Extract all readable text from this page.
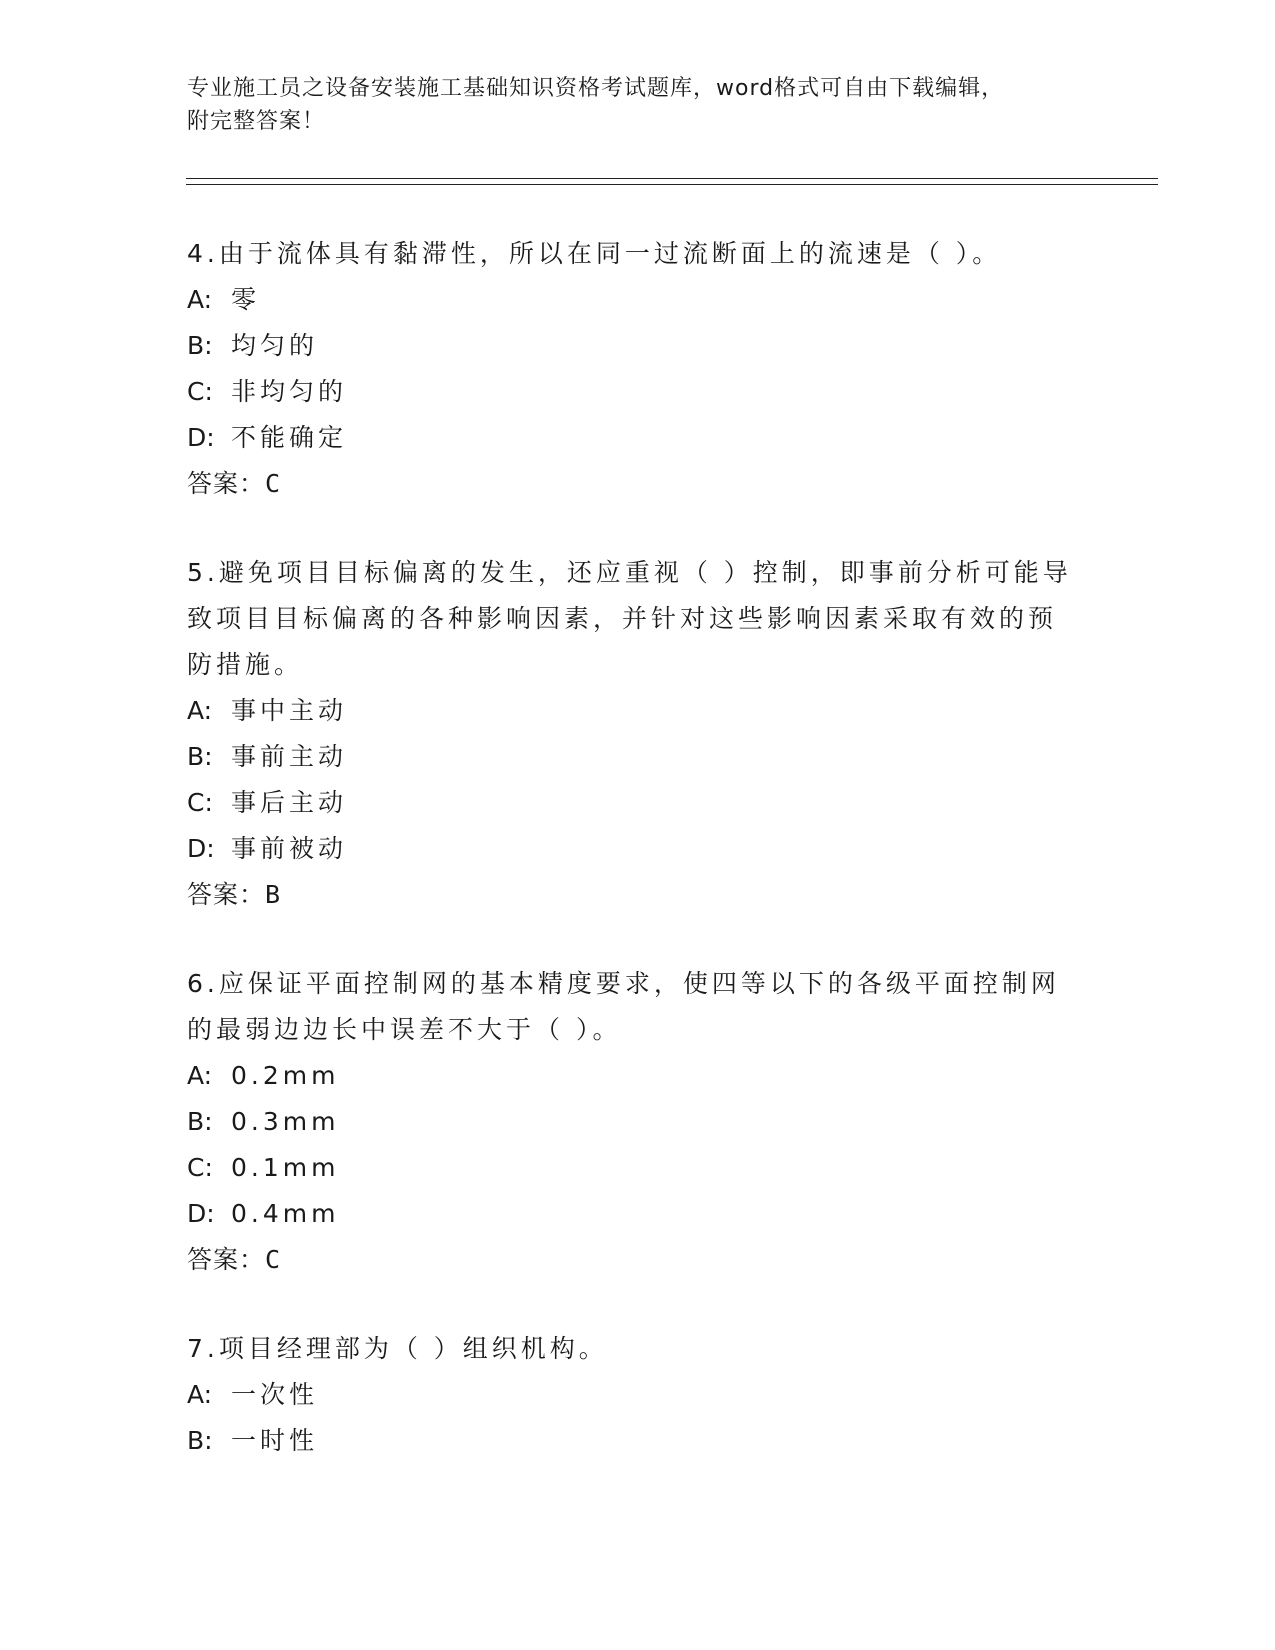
专业施工员之设备安装施工基础知识资格考试题库，word格式可自由下载编辑，
附完整答案！
4.由于流体具有黏滞性，所以在同一过流断面上的流速是（ ）。
A: 零
B: 均匀的
C: 非均匀的
D: 不能确定
答案：C
5.避免项目目标偏离的发生，还应重视（ ）控制，即事前分析可能导
致项目目标偏离的各种影响因素，并针对这些影响因素采取有效的预
防措施。
A: 事中主动
B: 事前主动
C: 事后主动
D: 事前被动
答案：B
6.应保证平面控制网的基本精度要求，使四等以下的各级平面控制网
的最弱边边长中误差不大于（ ）。
A: 0.2mm
B: 0.3mm
C: 0.1mm
D: 0.4mm
答案：C
7.项目经理部为（ ）组织机构。
A: 一次性
B: 一时性
